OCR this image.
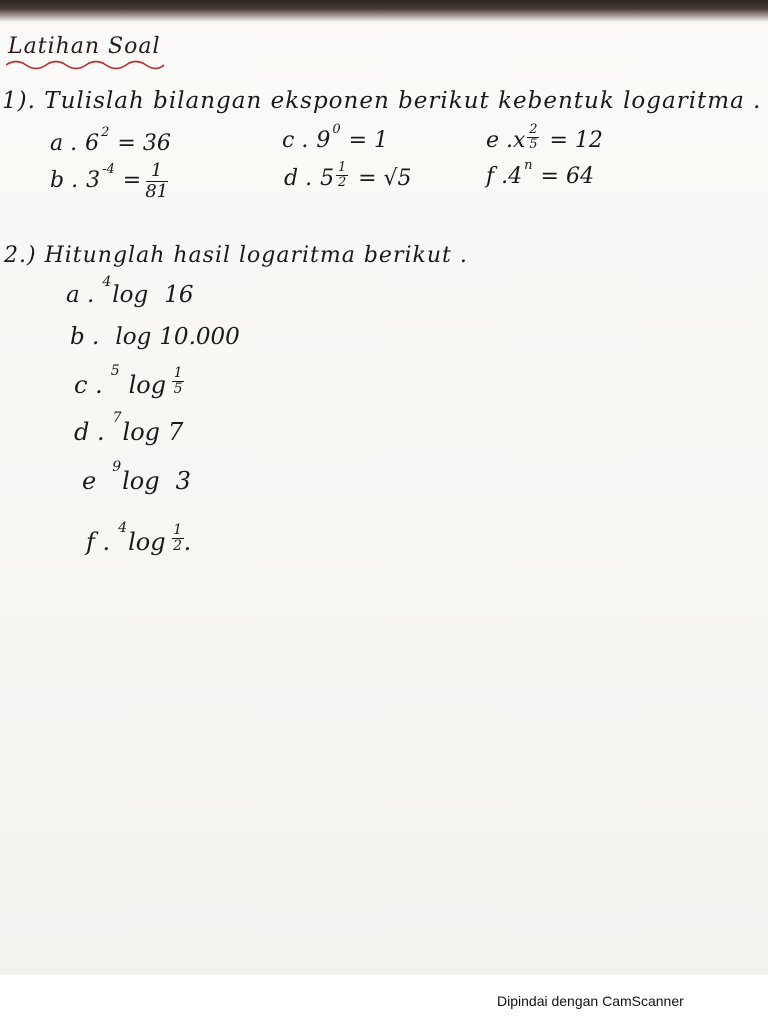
Latihan Soal
1). Tulislah bilangan eksponen berikut kebentuk logaritma .
a . 6 2 = 36
b . 3 -4 = 1
81
c . 9 0 = 1
d . $5 \frac{1}{2} = √5$
e . x $\frac{2}{5} = 12$
f . 4 n = 64
2.) Hitunglah hasil logaritma berikut .
a . 4 log 16
b . log 10.000
c . 5 log 1
5
d . 7 log 7
e 9 log 3
f . 4 log 1
2 .
Dipindai dengan CamScanner
